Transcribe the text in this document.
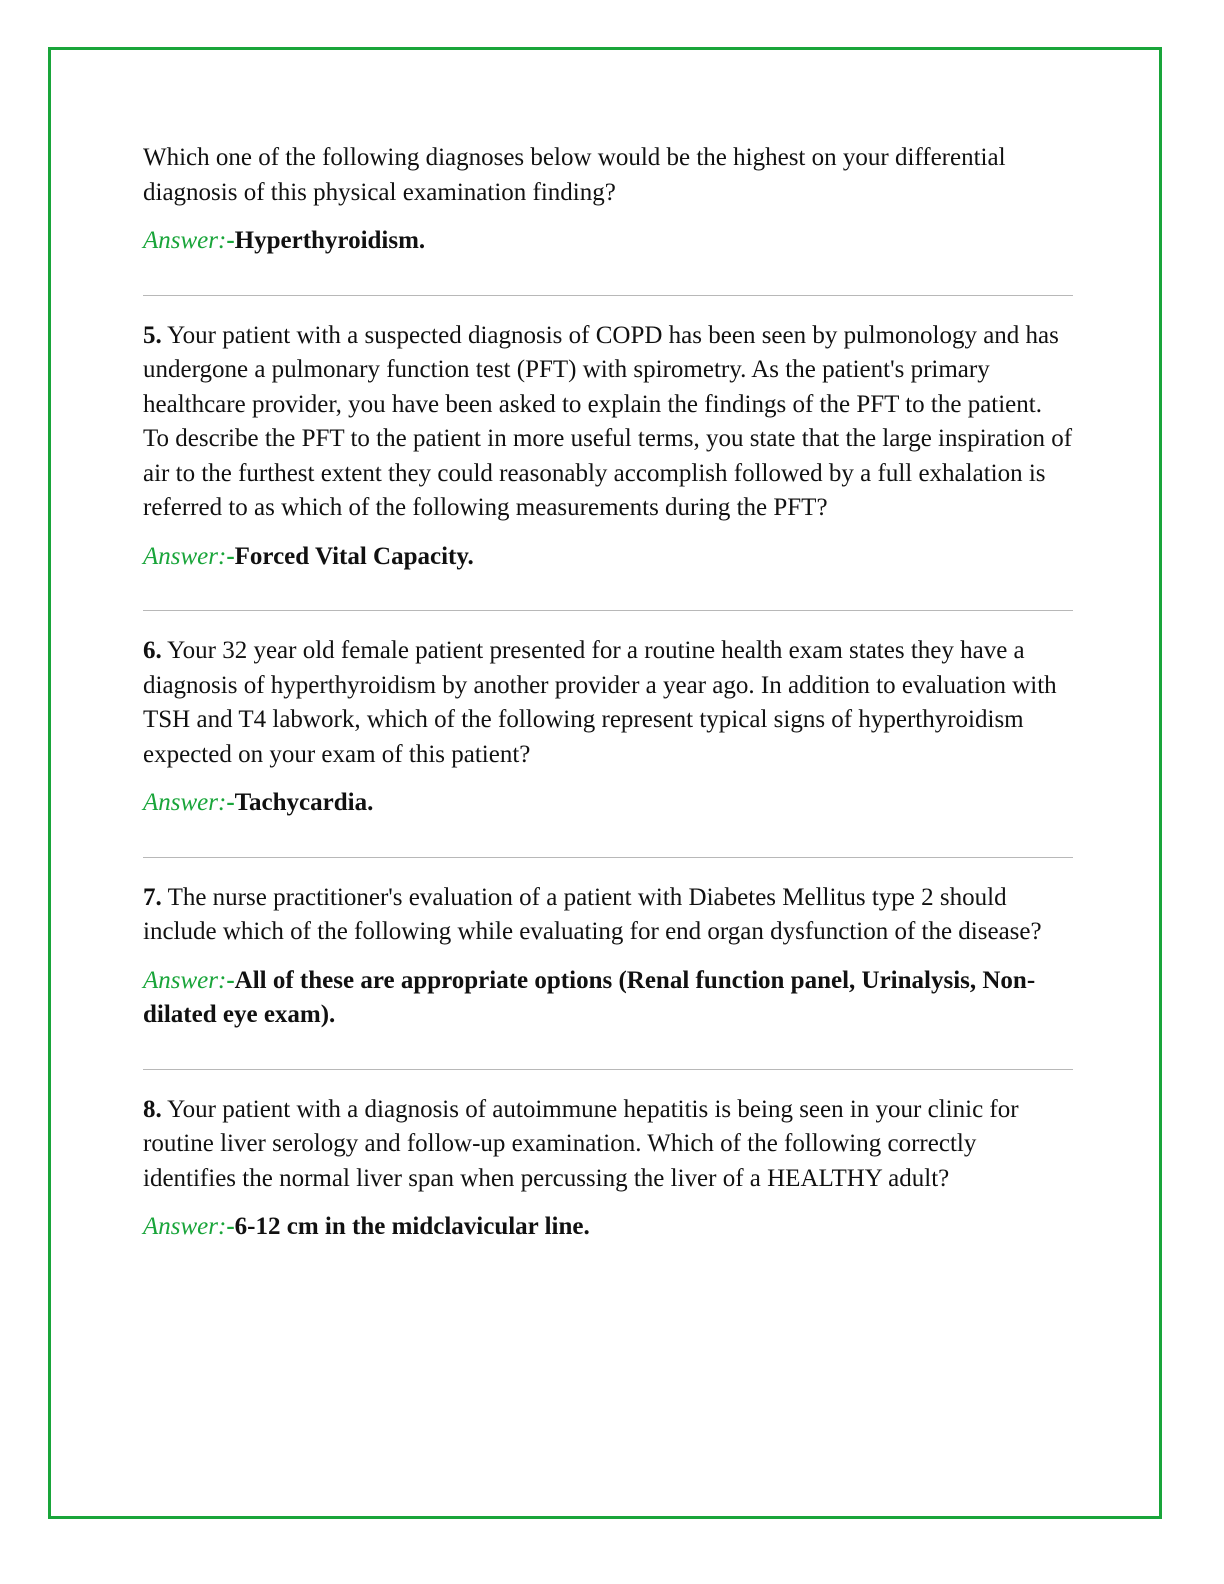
Which one of the following diagnoses below would be the highest on your differential diagnosis of this physical examination finding?

Answer:-Hyperthyroidism.

5. Your patient with a suspected diagnosis of COPD has been seen by pulmonology and has undergone a pulmonary function test (PFT) with spirometry. As the patient's primary healthcare provider, you have been asked to explain the findings of the PFT to the patient. To describe the PFT to the patient in more useful terms, you state that the large inspiration of air to the furthest extent they could reasonably accomplish followed by a full exhalation is referred to as which of the following measurements during the PFT?

Answer:-Forced Vital Capacity.

6. Your 32 year old female patient presented for a routine health exam states they have a diagnosis of hyperthyroidism by another provider a year ago. In addition to evaluation with TSH and T4 labwork, which of the following represent typical signs of hyperthyroidism expected on your exam of this patient?

Answer:-Tachycardia.

7. The nurse practitioner's evaluation of a patient with Diabetes Mellitus type 2 should include which of the following while evaluating for end organ dysfunction of the disease?

Answer:-All of these are appropriate options (Renal function panel, Urinalysis, Non-dilated eye exam).

8. Your patient with a diagnosis of autoimmune hepatitis is being seen in your clinic for routine liver serology and follow-up examination. Which of the following correctly identifies the normal liver span when percussing the liver of a HEALTHY adult?

Answer:-6-12 cm in the midclavicular line.
